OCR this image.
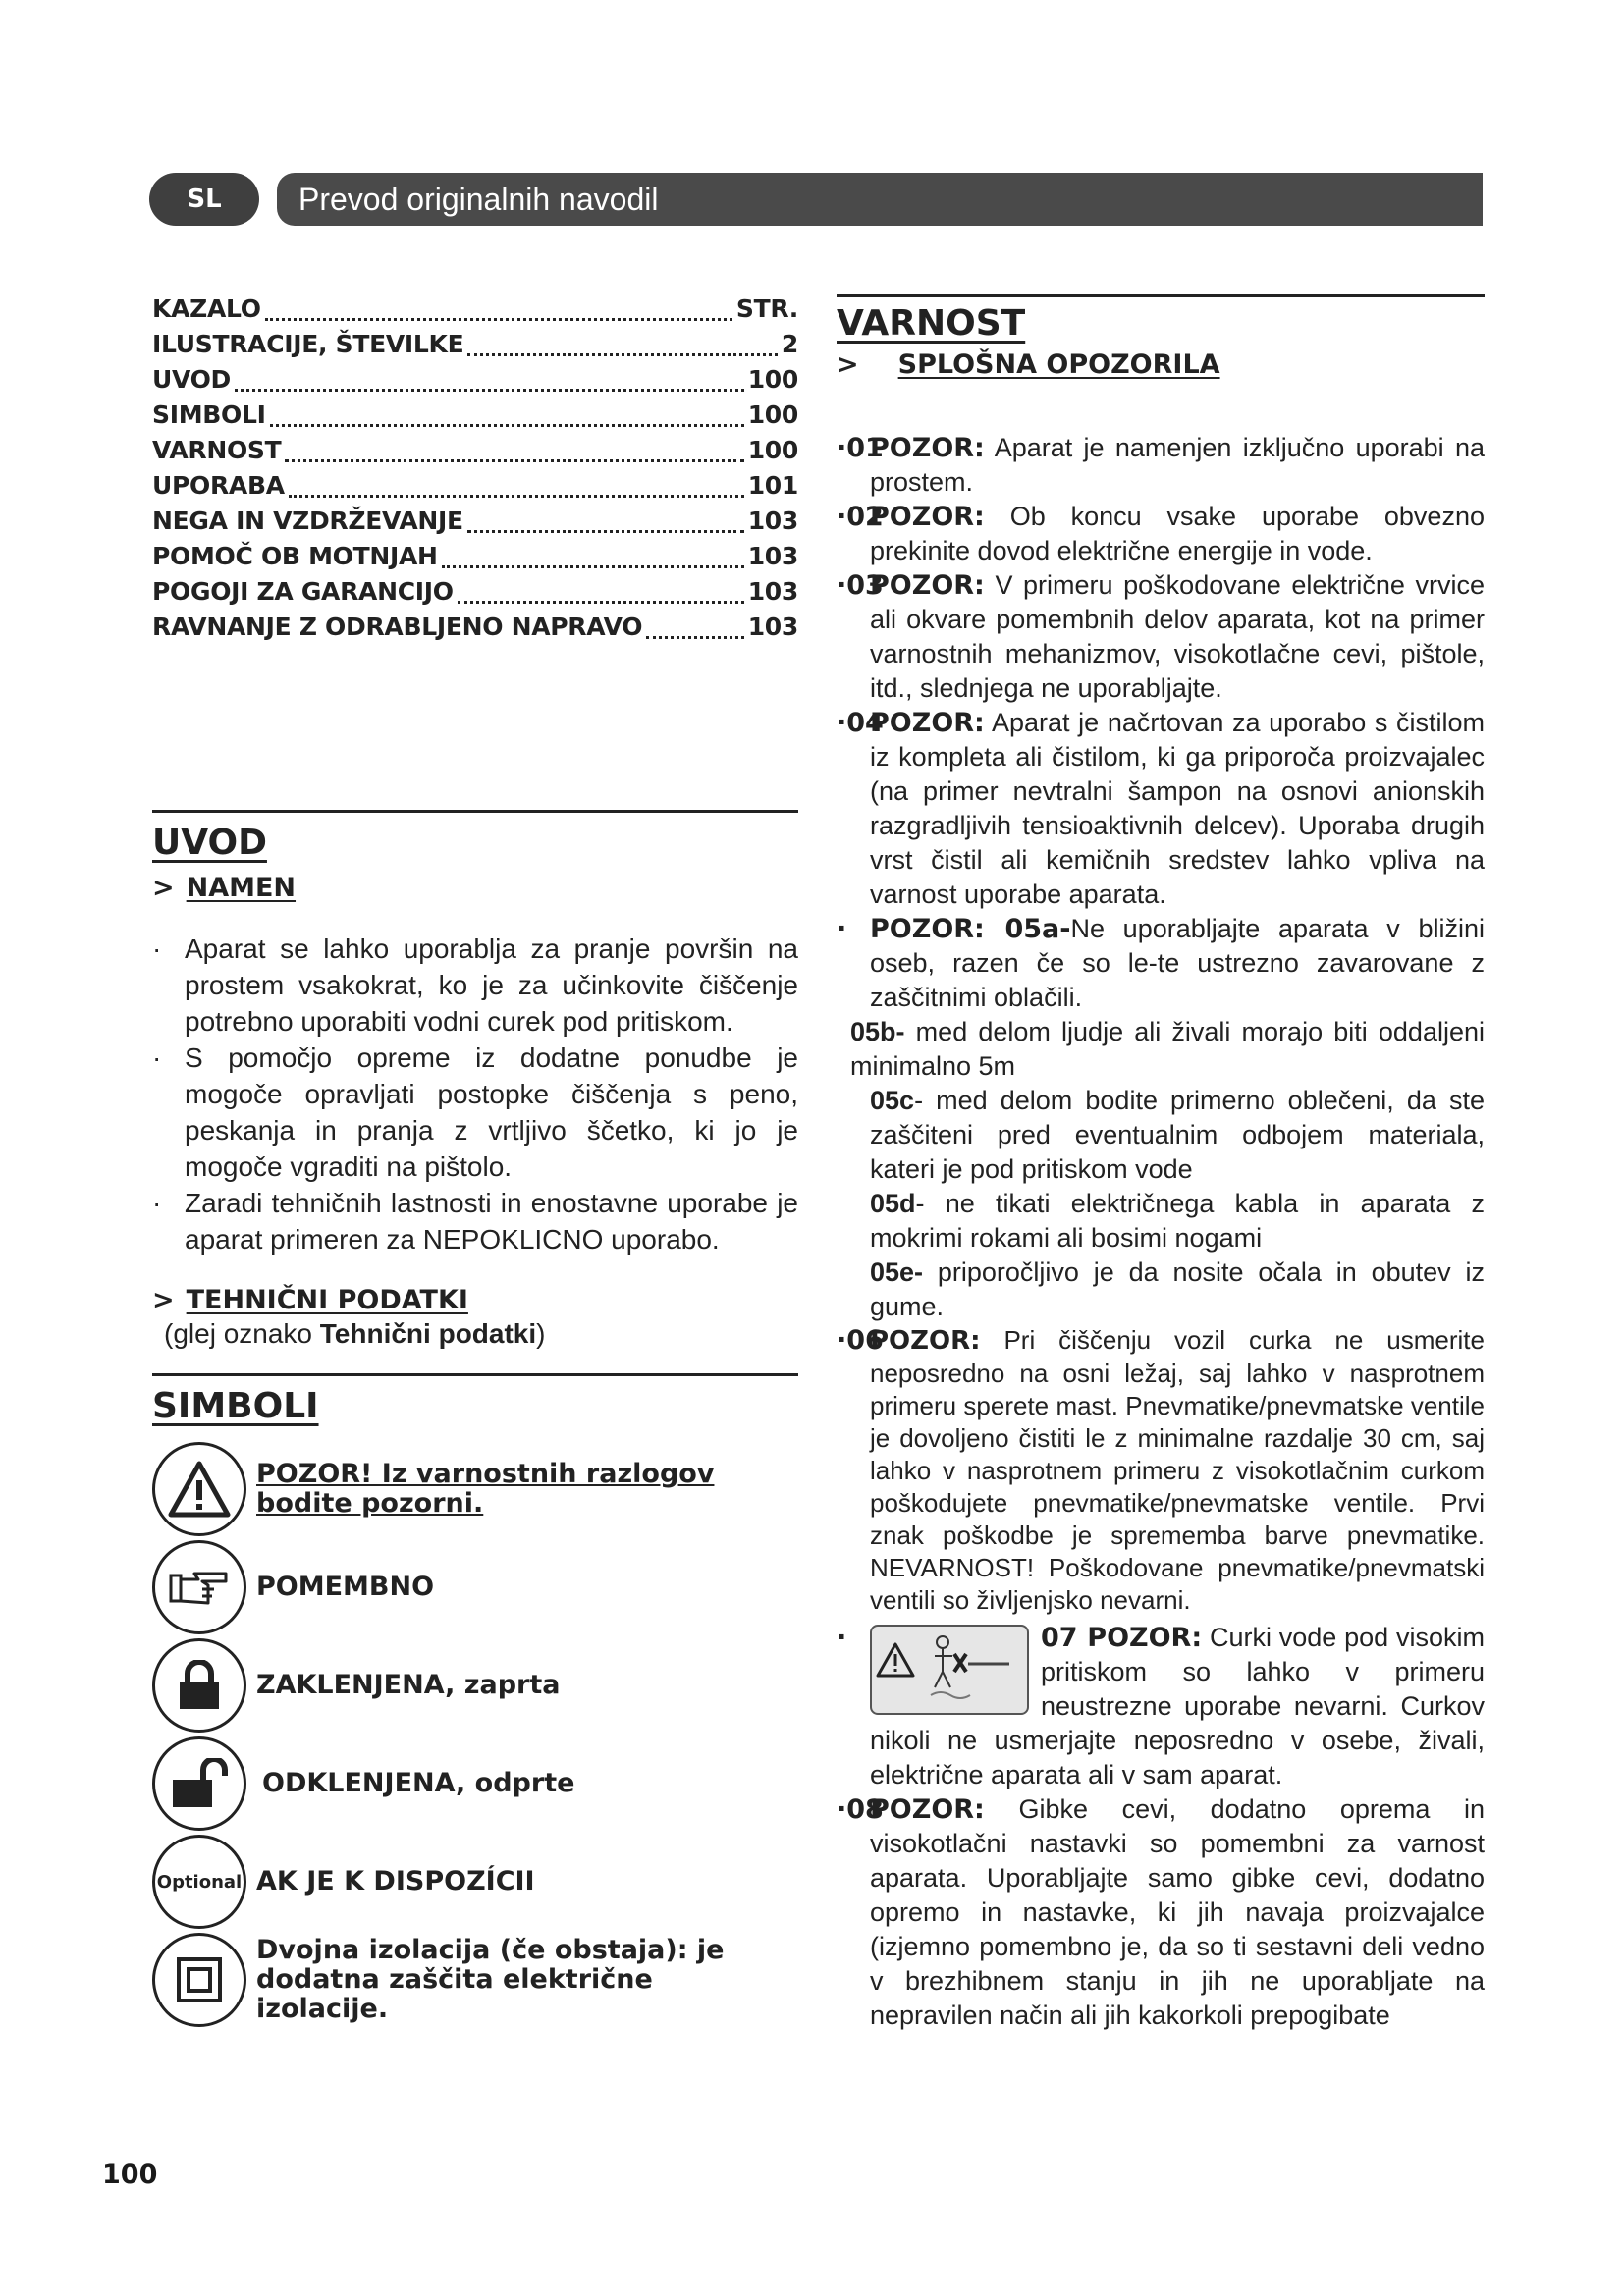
SL	Prevod originalnih navodil
KAZALO	STR.
ILUSTRACIJE, ŠTEVILKE	2
UVOD	100
SIMBOLI	100
VARNOST	100
UPORABA	101
NEGA IN VZDRŽEVANJE	103
POMOČ OB MOTNJAH	103
POGOJI ZA GARANCIJO	103
RAVNANJE Z ODRABLJENO NAPRAVO	103
UVOD
> NAMEN
· Aparat se lahko uporablja za pranje površin na prostem vsakokrat, ko je za učinkovite čiščenje potrebno uporabiti vodni curek pod pritiskom.
· S pomočjo opreme iz dodatne ponudbe je mogoče opravljati postopke čiščenja s peno, peskanja in pranja z vrtljivo ščetko, ki jo je mogoče vgraditi na pištolo.
· Zaradi tehničnih lastnosti in enostavne uporabe je aparat primeren za NEPOKLICNO uporabo.
> TEHNIČNI PODATKI
(glej oznako Tehnični podatki)
SIMBOLI
POZOR! Iz varnostnih razlogov bodite pozorni.
POMEMBNO
ZAKLENJENA, zaprta
ODKLENJENA, odprte
Optional AK JE K DISPOZÍCII
Dvojna izolacija (če obstaja): je dodatna zaščita električne izolacije.
VARNOST
> SPLOŠNA OPOZORILA
·01
POZOR: Aparat je namenjen izključno uporabi na prostem.
·02
POZOR: Ob koncu vsake uporabe obvezno prekinite dovod električne energije in vode.
·03
POZOR: V primeru poškodovane električne vrvice ali okvare pomembnih delov aparata, kot na primer varnostnih mehanizmov, visokotlačne cevi, pištole, itd., slednjega ne uporabljajte.
·04
POZOR: Aparat je načrtovan za uporabo s čistilom iz kompleta ali čistilom, ki ga priporoča proizvajalec (na primer nevtralni šampon na osnovi anionskih razgradljivih tensioaktivnih delcev). Uporaba drugih vrst čistil ali kemičnih sredstev lahko vpliva na varnost uporabe aparata.
· POZOR: 05a-Ne uporabljajte aparata v bližini oseb, razen če so le-te ustrezno zavarovane z zaščitnimi oblačili.
05b- med delom ljudje ali živali morajo biti oddaljeni minimalno 5m
05c- med delom bodite primerno oblečeni, da ste zaščiteni pred eventualnim odbojem materiala, kateri je pod pritiskom vode
05d- ne tikati električnega kabla in aparata z mokrimi rokami ali bosimi nogami
05e- priporočljivo je da nosite očala in obutev iz gume.
·06
POZOR: Pri čiščenju vozil curka ne usmerite neposredno na osni ležaj, saj lahko v nasprotnem primeru sperete mast. Pnevmatike/pnevmatske ventile je dovoljeno čistiti le z minimalne razdalje 30 cm, saj lahko v nasprotnem primeru z visokotlačnim curkom poškodujete pnevmatike/pnevmatske ventile. Prvi znak poškodbe je sprememba barve pnevmatike. NEVARNOST! Poškodovane pnevmatike/pnevmatski ventili so življenjsko nevarni.
·	07 POZOR: Curki vode pod visokim pritiskom so lahko v primeru neustrezne uporabe nevarni. Curkov nikoli ne usmerjajte neposredno v osebe, živali, električne aparata ali v sam aparat.
·08
POZOR: Gibke cevi, dodatno oprema in visokotlačni nastavki so pomembni za varnost aparata. Uporabljajte samo gibke cevi, dodatno opremo in nastavke, ki jih navaja proizvajalce (izjemno pomembno je, da so ti sestavni deli vedno v brezhibnem stanju in jih ne uporabljate na nepravilen način ali jih kakorkoli prepogibate
100
